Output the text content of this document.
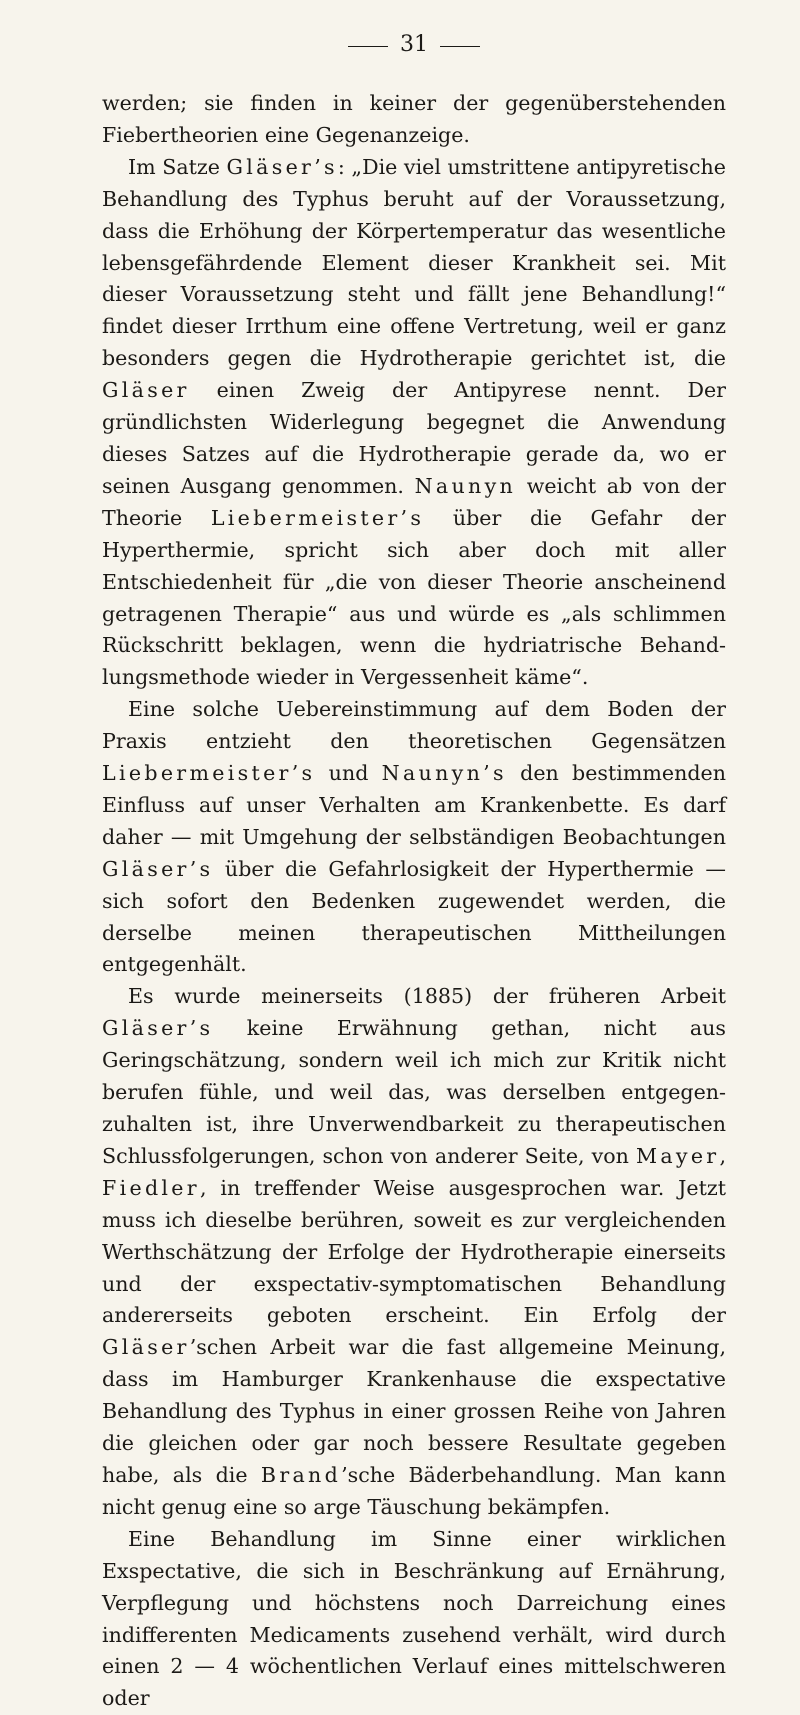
31

werden; sie finden in keiner der gegenüberstehenden Fiebertheorien eine Gegenanzeige.

Im Satze Gläser’s: „Die viel umstrittene antipyretische Behandlung des Typhus beruht auf der Voraussetzung, dass die Erhöhung der Körpertemperatur das wesentliche lebensgefährdende Element dieser Krankheit sei. Mit dieser Voraussetzung steht und fällt jene Behandlung!“ findet dieser Irrthum eine offene Vertretung, weil er ganz besonders gegen die Hydrotherapie gerichtet ist, die Gläser einen Zweig der Antipyrese nennt. Der gründlichsten Widerlegung begegnet die Anwendung dieses Satzes auf die Hydrotherapie gerade da, wo er seinen Ausgang genommen. Naunyn weicht ab von der Theorie Liebermeister’s über die Gefahr der Hyperthermie, spricht sich aber doch mit aller Entschiedenheit für „die von dieser Theorie anscheinend getragenen Therapie“ aus und würde es „als schlimmen Rückschritt beklagen, wenn die hydriatrische Behandlungsmethode wieder in Vergessenheit käme“.

Eine solche Uebereinstimmung auf dem Boden der Praxis entzieht den theoretischen Gegensätzen Liebermeister’s und Naunyn’s den bestimmenden Einfluss auf unser Verhalten am Krankenbette. Es darf daher — mit Umgehung der selbständigen Beobachtungen Gläser’s über die Gefahrlosigkeit der Hyperthermie — sich sofort den Bedenken zugewendet werden, die derselbe meinen therapeutischen Mittheilungen entgegenhält.

Es wurde meinerseits (1885) der früheren Arbeit Gläser’s keine Erwähnung gethan, nicht aus Geringschätzung, sondern weil ich mich zur Kritik nicht berufen fühle, und weil das, was derselben entgegenzuhalten ist, ihre Unverwendbarkeit zu therapeutischen Schlussfolgerungen, schon von anderer Seite, von Mayer, Fiedler, in treffender Weise ausgesprochen war. Jetzt muss ich dieselbe berühren, soweit es zur vergleichenden Werthschätzung der Erfolge der Hydrotherapie einerseits und der exspectativ-symptomatischen Behandlung andererseits geboten erscheint. Ein Erfolg der Gläser’schen Arbeit war die fast allgemeine Meinung, dass im Hamburger Krankenhause die exspectative Behandlung des Typhus in einer grossen Reihe von Jahren die gleichen oder gar noch bessere Resultate gegeben habe, als die Brand’sche Bäderbehandlung. Man kann nicht genug eine so arge Täuschung bekämpfen.

Eine Behandlung im Sinne einer wirklichen Exspectative, die sich in Beschränkung auf Ernährung, Verpflegung und höchstens noch Darreichung eines indifferenten Medicaments zusehend verhält, wird durch einen 2 — 4 wöchentlichen Verlauf eines mittelschweren oder
